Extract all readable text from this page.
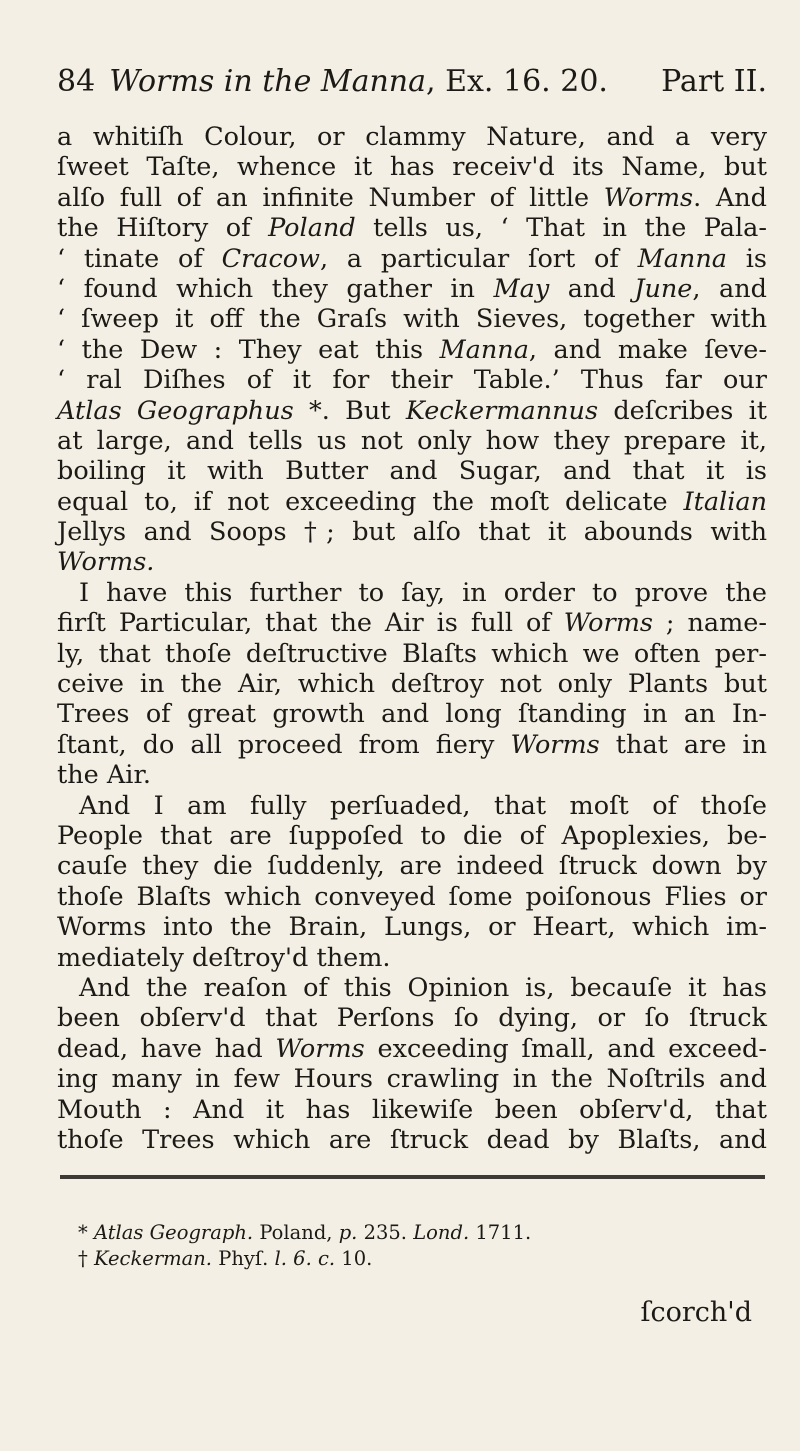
84 Worms in the Manna, Ex. 16. 20. Part II.
a whitiſh Colour, or clammy Nature, and a very
ſweet Taſte, whence it has receiv'd its Name, but
alſo full of an infinite Number of little Worms. And
the Hiſtory of Poland tells us, ‘ That in the Pala-
‘ tinate of Cracow, a particular ſort of Manna is
‘ found which they gather in May and June, and
‘ ſweep it off the Graſs with Sieves, together with
‘ the Dew : They eat this Manna, and make ſeve-
‘ ral Diſhes of it for their Table.’ Thus far our
Atlas Geographus *. But Keckermannus deſcribes it
at large, and tells us not only how they prepare it,
boiling it with Butter and Sugar, and that it is
equal to, if not exceeding the moſt delicate Italian
Jellys and Soops †; but alſo that it abounds with
Worms.
I have this further to ſay, in order to prove the
firſt Particular, that the Air is full of Worms ; name-
ly, that thoſe deſtructive Blaſts which we often per-
ceive in the Air, which deſtroy not only Plants but
Trees of great growth and long ſtanding in an In-
ſtant, do all proceed from fiery Worms that are in
the Air.
And I am fully perſuaded, that moſt of thoſe
People that are ſuppoſed to die of Apoplexies, be-
cauſe they die ſuddenly, are indeed ſtruck down by
thoſe Blaſts which conveyed ſome poiſonous Flies or
Worms into the Brain, Lungs, or Heart, which im-
mediately deſtroy'd them.
And the reaſon of this Opinion is, becauſe it has
been obſerv'd that Perſons ſo dying, or ſo ſtruck
dead, have had Worms exceeding ſmall, and exceed-
ing many in few Hours crawling in the Noſtrils and
Mouth : And it has likewiſe been obſerv'd, that
thoſe Trees which are ſtruck dead by Blaſts, and
* Atlas Geograph. Poland, p. 235. Lond. 1711.
† Keckerman. Phyſ. l. 6. c. 10.
ſcorch'd
